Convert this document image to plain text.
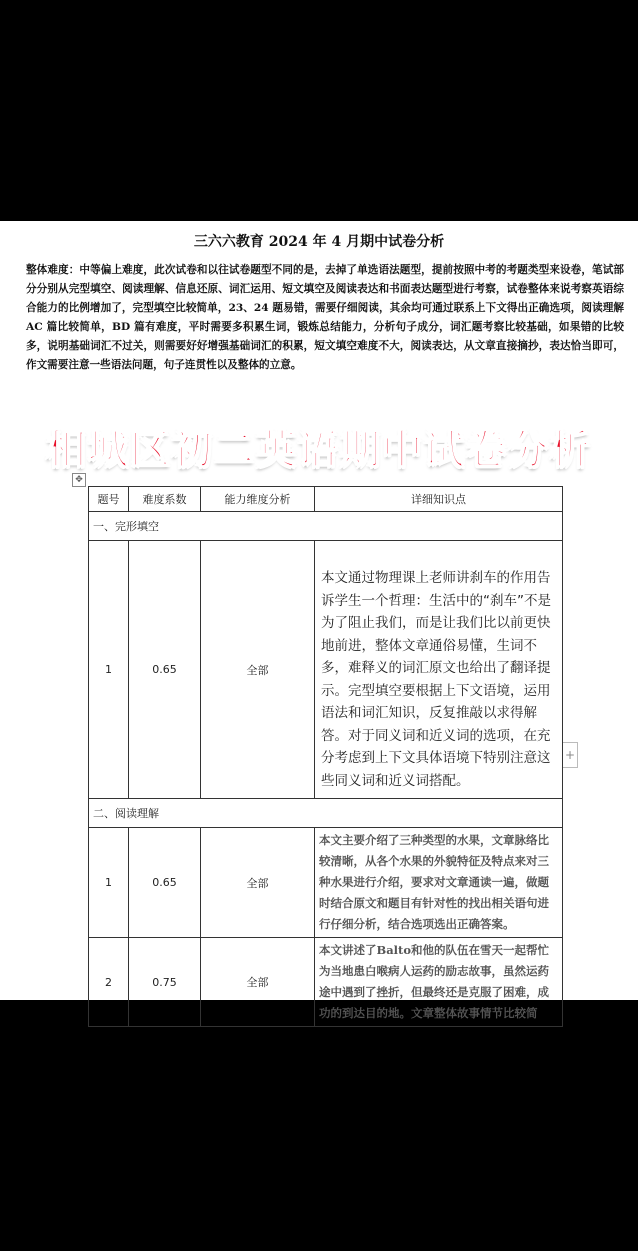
三六六教育 2024 年 4 月期中试卷分析
整体难度：中等偏上难度，此次试卷和以往试卷题型不同的是，去掉了单选语法题型，提前按照中考的考题类型来设卷，笔试部分分别从完型填空、阅读理解、信息还原、词汇运用、短文填空及阅读表达和书面表达题型进行考察，试卷整体来说考察英语综合能力的比例增加了，完型填空比较简单，23、24 题易错，需要仔细阅读，其余均可通过联系上下文得出正确选项，阅读理解 AC 篇比较简单，BD 篇有难度，平时需要多积累生词，锻炼总结能力，分析句子成分，词汇题考察比较基础，如果错的比较多，说明基础词汇不过关，则需要好好增强基础词汇的积累，短文填空难度不大，阅读表达，从文章直接摘抄，表达恰当即可，作文需要注意一些语法问题，句子连贯性以及整体的立意。
相城区初二英语期中试卷分析
✥
+
题号	难度系数	能力维度分析	详细知识点
一、完形填空			
1	0.65	全部	本文通过物理课上老师讲刹车的作用告诉学生一个哲理：生活中的“刹车”不是为了阻止我们，而是让我们比以前更快地前进，整体文章通俗易懂，生词不多，难释义的词汇原文也给出了翻译提示。完型填空要根据上下文语境，运用语法和词汇知识，反复推敲以求得解答。对于同义词和近义词的选项，在充分考虑到上下文具体语境下特别注意这些同义词和近义词搭配。
二、阅读理解			
1	0.65	全部	本文主要介绍了三种类型的水果，文章脉络比较清晰，从各个水果的外貌特征及特点来对三种水果进行介绍，要求对文章通读一遍，做题时结合原文和题目有针对性的找出相关语句进行仔细分析，结合选项选出正确答案。
2	0.75	全部	本文讲述了Balto和他的队伍在雪天一起帮忙为当地患白喉病人运药的励志故事，虽然运药途中遇到了挫折，但最终还是克服了困难，成功的到达目的地。文章整体故事情节比较简
